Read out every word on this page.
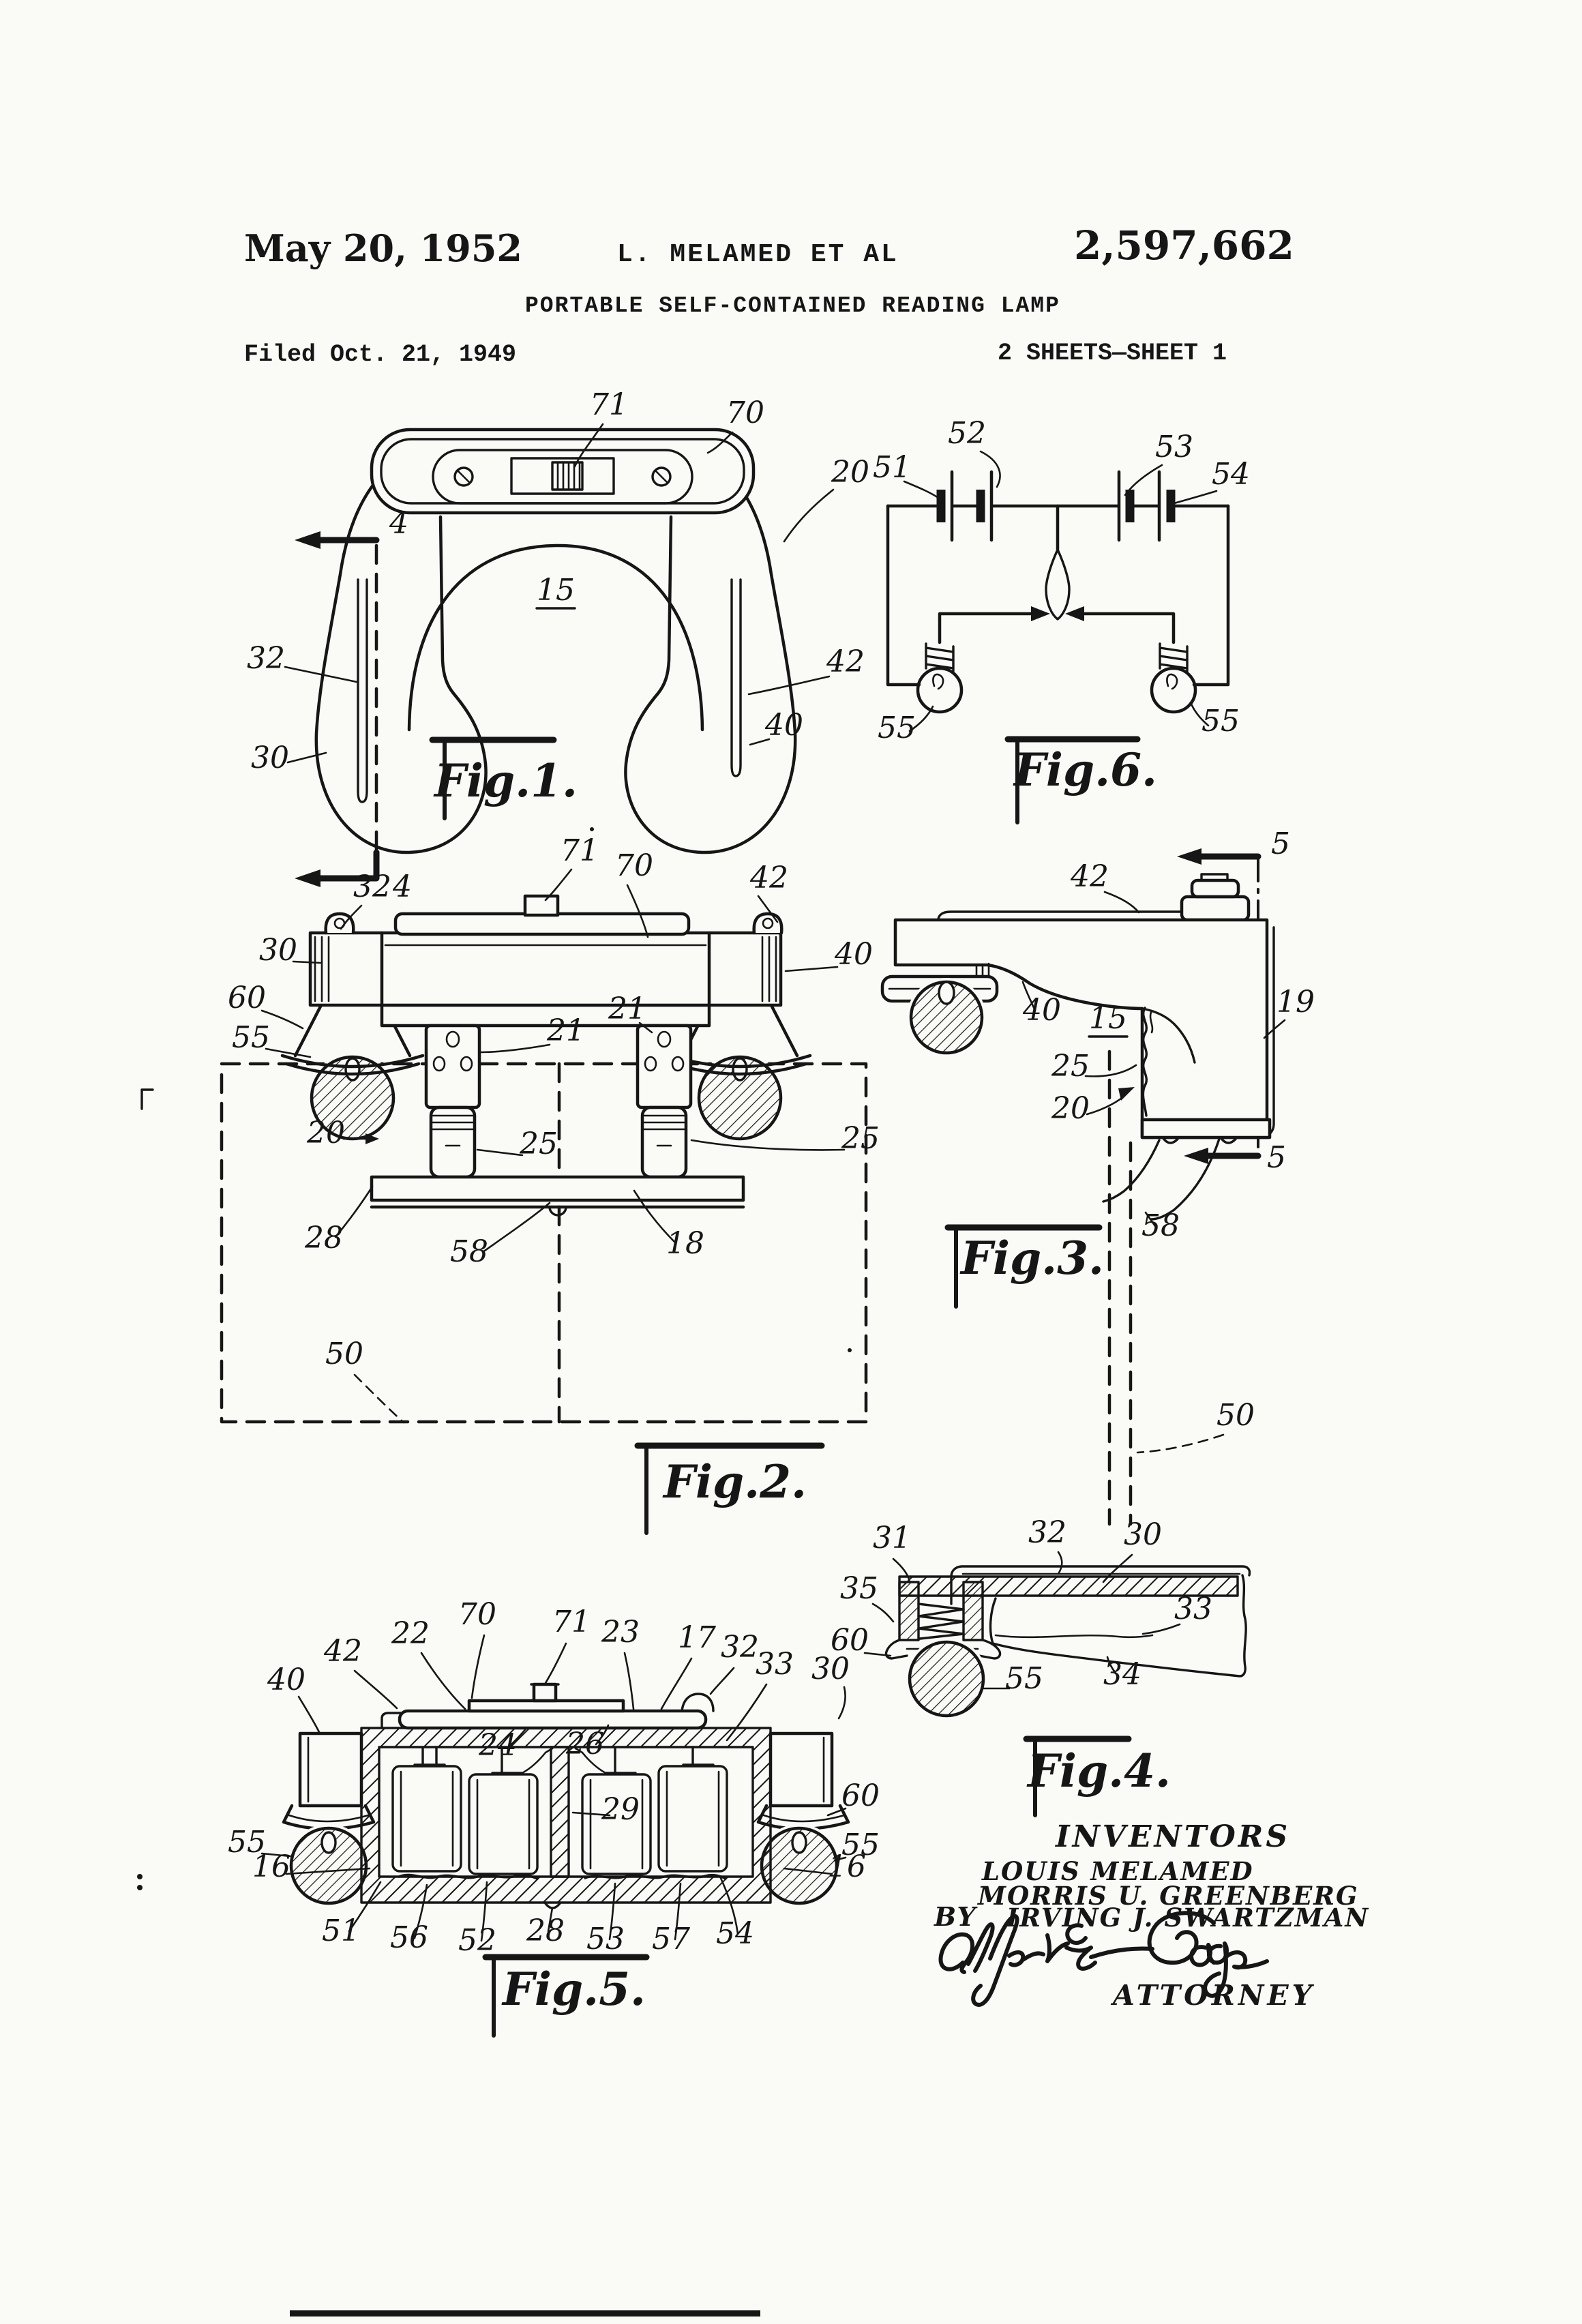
May 20, 1952	L. MELAMED ET AL	2,597,662
PORTABLE SELF-CONTAINED READING LAMP
Filed Oct. 21, 1949	2 SHEETS—SHEET 1
INVENTORS
LOUIS MELAMED
MORRIS U. GREENBERG
BY IRVING J. SWARTZMAN
ATTORNEY
Fig.1.
71	70
20
15
42
32
30
40
4
4
Fig.6.
51
52	53
54
55	55
Fig.2.
71 70	42
32
30	40
60
55	21
21
25	25
20
28	58	18
50
Fig.3.
42
5
19
40 15
25
20
58
5
50
Fig.5.
40
42
22
70 71 23 17 32
33 30
60
55
55
16	16
51 56 52 28 53 57 54
24 26
29
Fig.4.
31	32 30
35
33
60
34
55
